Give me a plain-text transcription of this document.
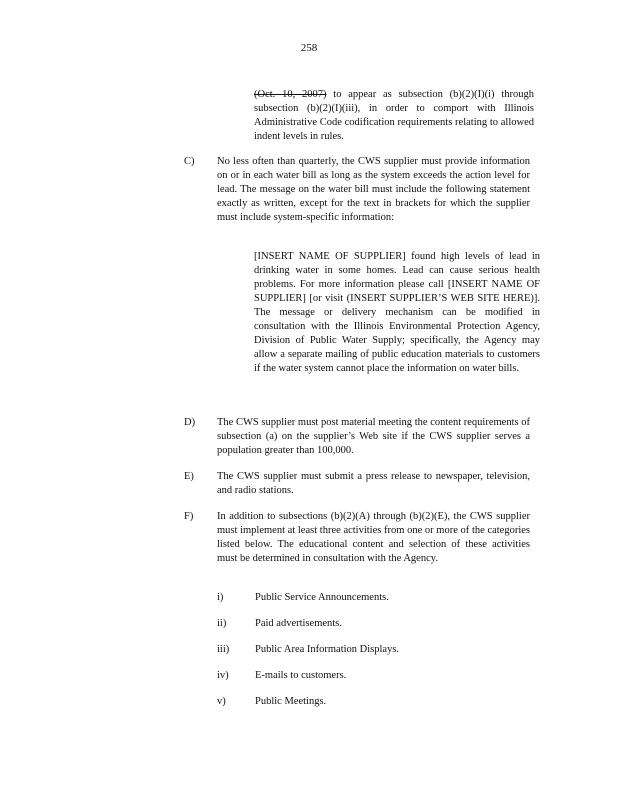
258

(Oct. 10, 2007) to appear as subsection (b)(2)(I)(i) through subsection (b)(2)(I)(iii), in order to comport with Illinois Administrative Code codification requirements relating to allowed indent levels in rules.

C) No less often than quarterly, the CWS supplier must provide information on or in each water bill as long as the system exceeds the action level for lead. The message on the water bill must include the following statement exactly as written, except for the text in brackets for which the supplier must include system-specific information:

[INSERT NAME OF SUPPLIER] found high levels of lead in drinking water in some homes. Lead can cause serious health problems. For more information please call [INSERT NAME OF SUPPLIER] [or visit (INSERT SUPPLIER’S WEB SITE HERE)]. The message or delivery mechanism can be modified in consultation with the Illinois Environmental Protection Agency, Division of Public Water Supply; specifically, the Agency may allow a separate mailing of public education materials to customers if the water system cannot place the information on water bills.

D) The CWS supplier must post material meeting the content requirements of subsection (a) on the supplier’s Web site if the CWS supplier serves a population greater than 100,000.

E) The CWS supplier must submit a press release to newspaper, television, and radio stations.

F) In addition to subsections (b)(2)(A) through (b)(2)(E), the CWS supplier must implement at least three activities from one or more of the categories listed below. The educational content and selection of these activities must be determined in consultation with the Agency.

i)	Public Service Announcements.
ii)	Paid advertisements.
iii) Public Area Information Displays.
iv)	E-mails to customers.
v)	Public Meetings.
